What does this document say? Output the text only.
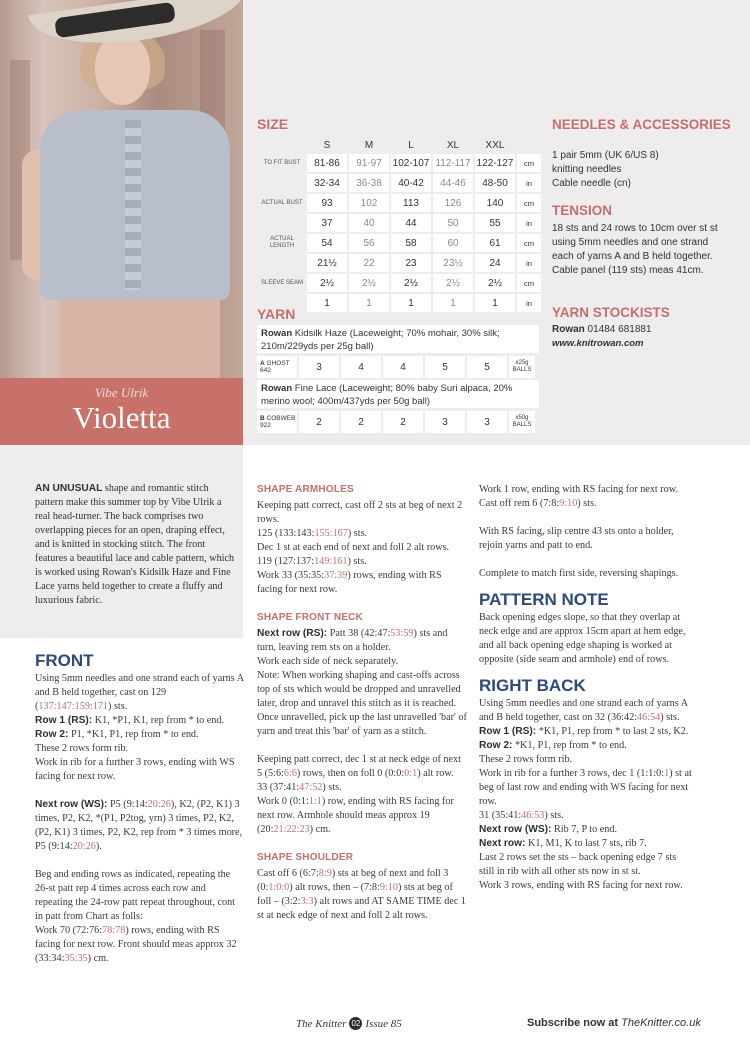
Vibe Ulrik
Violetta
SIZE
	S	M	L	XL	XXL	
TO FIT BUST	81-86	91-97	102-107	112-117	122-127	cm
	32-34	36-38	40-42	44-46	48-50	in
ACTUAL BUST	93	102	113	126	140	cm
	37	40	44	50	55	in
ACTUAL LENGTH	54	56	58	60	61	cm
	21½	22	23	23½	24	in
SLEEVE SEAM	2½	2½	2½	2½	2½	cm
	1	1	1	1	1	in
YARN
Rowan Kidsilk Haze (Laceweight; 70% mohair, 30% silk; 210m/229yds per 25g ball)
A GHOST
642	3	4	4	5	5	x25g BALLS
Rowan Fine Lace (Laceweight; 80% baby Suri alpaca, 20% merino wool; 400m/437yds per 50g ball)
B COBWEB
922	2	2	2	3	3	x50g BALLS
NEEDLES & ACCESSORIES
1 pair 5mm (UK 6/US 8)
knitting needles
Cable needle (cn)
TENSION
18 sts and 24 rows to 10cm over st st using 5mm needles and one strand each of yarns A and B held together. Cable panel (119 sts) meas 41cm.
YARN STOCKISTS
Rowan 01484 681881
www.knitrowan.com
AN UNUSUAL shape and romantic stitch pattern make this summer top by Vibe Ulrik a real head-turner. The back comprises two overlapping pieces for an open, draping effect, and is knitted in stocking stitch. The front features a beautiful lace and cable pattern, which is worked using Rowan's Kidsilk Haze and Fine Lace yarns held together to create a fluffy and luxurious fabric.
FRONT

Using 5mm needles and one strand each of yarns A and B held together, cast on 129 (137:147:159:171) sts.

Row 1 (RS): K1, *P1, K1, rep from * to end.

Row 2: P1, *K1, P1, rep from * to end.

These 2 rows form rib.

Work in rib for a further 3 rows, ending with WS facing for next row.

Next row (WS): P5 (9:14:20:26), K2, (P2, K1) 3 times, P2, K2, *(P1, P2tog, yrn) 3 times, P2, K2, (P2, K1) 3 times, P2, K2, rep from * 3 times more, P5 (9:14:20:26).

Beg and ending rows as indicated, repeating the 26-st patt rep 4 times across each row and repeating the 24-row patt repeat throughout, cont in patt from Chart as folls:

Work 70 (72:76:78:78) rows, ending with RS facing for next row. Front should meas approx 32 (33:34:35:35) cm.

SHAPE ARMHOLES

Keeping patt correct, cast off 2 sts at beg of next 2 rows.

125 (133:143:155:167) sts.

Dec 1 st at each end of next and foll 2 alt rows.

119 (127:137:149:161) sts.

Work 33 (35:35:37:39) rows, ending with RS facing for next row.

SHAPE FRONT NECK

Next row (RS): Patt 38 (42:47:53:59) sts and turn, leaving rem sts on a holder.

Work each side of neck separately.

Note: When working shaping and cast-offs across top of sts which would be dropped and unravelled later, drop and unravel this stitch as it is reached. Once unravelled, pick up the last unravelled 'bar' of yarn and treat this 'bar' of yarn as a stitch.

Keeping patt correct, dec 1 st at neck edge of next 5 (5:6:6:6) rows, then on foll 0 (0:0:0:1) alt row.

33 (37:41:47:52) sts.

Work 0 (0:1:1:1) row, ending with RS facing for next row. Armhole should meas approx 19 (20:21:22:23) cm.

SHAPE SHOULDER

Cast off 6 (6:7:8:9) sts at beg of next and foll 3 (0:1:0:0) alt rows, then – (7:8:9:10) sts at beg of foll – (3:2:3:3) alt rows and AT SAME TIME dec 1 st at neck edge of next and foll 2 alt rows.

Work 1 row, ending with RS facing for next row.

Cast off rem 6 (7:8:9:10) sts.

With RS facing, slip centre 43 sts onto a holder, rejoin yarns and patt to end.

Complete to match first side, reversing shapings.

PATTERN NOTE

Back opening edges slope, so that they overlap at neck edge and are approx 15cm apart at hem edge, and all back opening edge shaping is worked at opposite (side seam and armhole) end of rows.

RIGHT BACK

Using 5mm needles and one strand each of yarns A and B held together, cast on 32 (36:42:46:54) sts.

Row 1 (RS): *K1, P1, rep from * to last 2 sts, K2.

Row 2: *K1, P1, rep from * to end.

These 2 rows form rib.

Work in rib for a further 3 rows, dec 1 (1:1:0:1) st at beg of last row and ending with WS facing for next row.

31 (35:41:46:53) sts.

Next row (WS): Rib 7, P to end.

Next row: K1, M1, K to last 7 sts, rib 7.

Last 2 rows set the sts – back opening edge 7 sts still in rib with all other sts now in st st.

Work 3 rows, ending with RS facing for next row.

The Knitter 02 Issue 85	Subscribe now at TheKnitter.co.uk
